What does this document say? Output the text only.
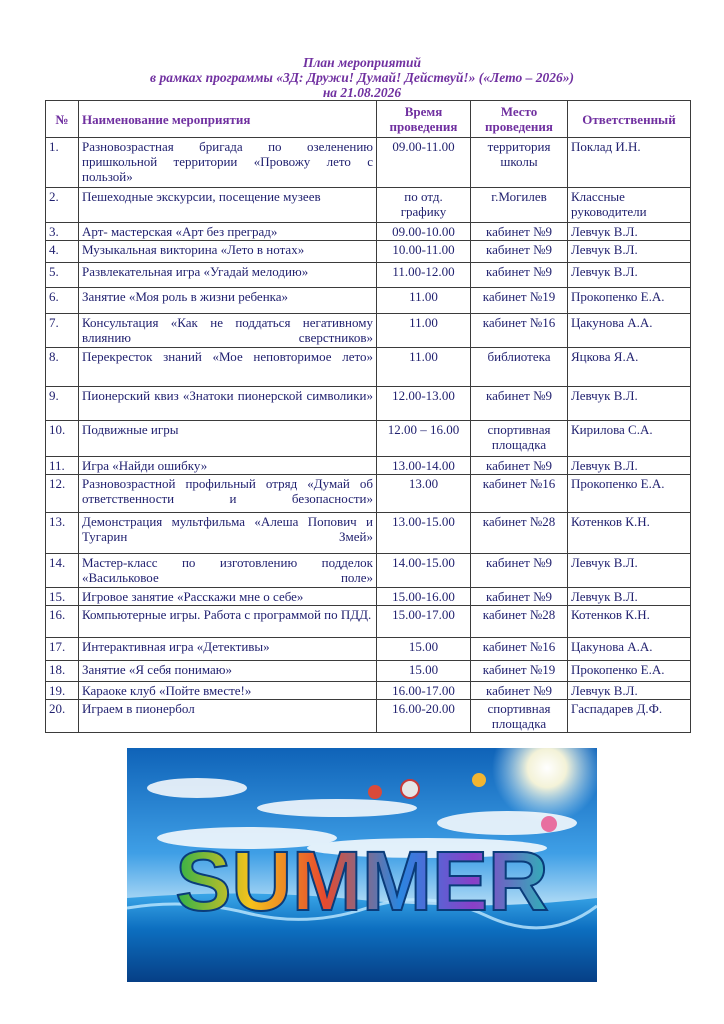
План мероприятий
в рамках программы «3Д: Дружи! Думай! Действуй!» («Лето – 2026»)
на 21.08.2026
№	Наименование мероприятия	Время проведения	Место проведения	Ответственный
1.	Разновозрастная бригада по озеленению пришкольной территории «Провожу лето с пользой»	09.00-11.00	территория школы	Поклад И.Н.
2.	Пешеходные экскурсии, посещение музеев	по отд. графику	г.Могилев	Классные руководители
3.	Арт- мастерская «Арт без преград»	09.00-10.00	кабинет №9	Левчук В.Л.
4.	Музыкальная викторина «Лето в нотах»	10.00-11.00	кабинет №9	Левчук В.Л.
5.	Развлекательная игра «Угадай мелодию»	11.00-12.00	кабинет №9	Левчук В.Л.
6.	Занятие «Моя роль в жизни ребенка»	11.00	кабинет №19	Прокопенко Е.А.
7.	Консультация «Как не поддаться негативному влиянию сверстников»	11.00	кабинет №16	Цакунова А.А.
8.	Перекресток знаний «Мое неповторимое лето»	11.00	библиотека	Яцкова Я.А.
9.	Пионерский квиз «Знатоки пионерской символики»	12.00-13.00	кабинет №9	Левчук В.Л.
10.	Подвижные игры	12.00 – 16.00	спортивная площадка	Кирилова С.А.
11.	Игра «Найди ошибку»	13.00-14.00	кабинет №9	Левчук В.Л.
12.	Разновозрастной профильный отряд «Думай об ответственности и безопасности»	13.00	кабинет №16	Прокопенко Е.А.
13.	Демонстрация мультфильма «Алеша Попович и Тугарин Змей»	13.00-15.00	кабинет №28	Котенков К.Н.
14.	Мастер-класс по изготовлению подделок «Васильковое поле»	14.00-15.00	кабинет №9	Левчук В.Л.
15.	Игровое занятие «Расскажи мне о себе»	15.00-16.00	кабинет №9	Левчук В.Л.
16.	Компьютерные игры. Работа с программой по ПДД.	15.00-17.00	кабинет №28	Котенков К.Н.
17.	Интерактивная игра «Детективы»	15.00	кабинет №16	Цакунова А.А.
18.	Занятие «Я себя понимаю»	15.00	кабинет №19	Прокопенко Е.А.
19.	Караоке клуб «Пойте вместе!»	16.00-17.00	кабинет №9	Левчук В.Л.
20.	Играем в пионербол	16.00-20.00	спортивная площадка	Гаспадарев Д.Ф.
SUMMER
